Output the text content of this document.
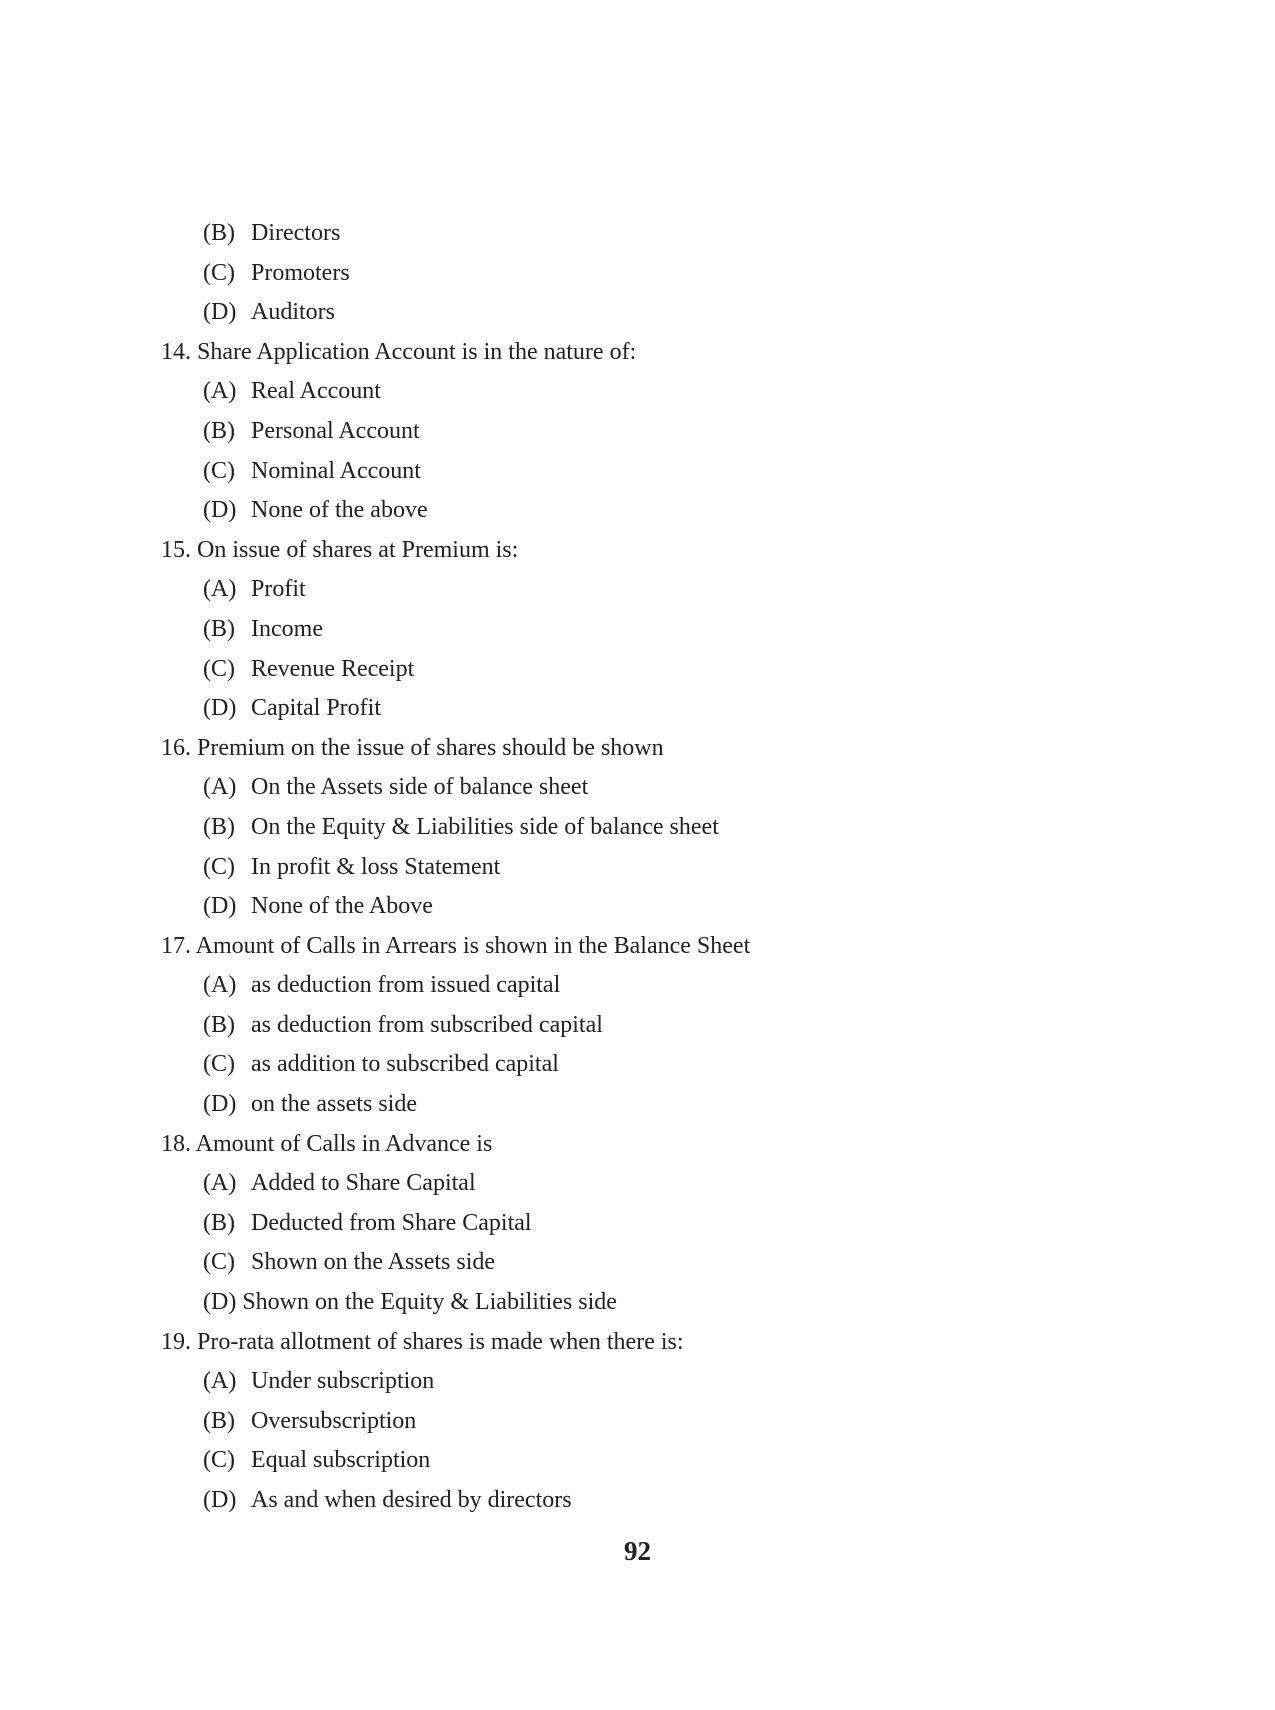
(B) Directors
(C) Promoters
(D) Auditors
14. Share Application Account is in the nature of:
(A) Real Account
(B) Personal Account
(C) Nominal Account
(D) None of the above
15. On issue of shares at Premium is:
(A) Profit
(B) Income
(C) Revenue Receipt
(D) Capital Profit
16. Premium on the issue of shares should be shown
(A) On the Assets side of balance sheet
(B) On the Equity & Liabilities side of balance sheet
(C) In profit & loss Statement
(D) None of the Above
17. Amount of Calls in Arrears is shown in the Balance Sheet
(A) as deduction from issued capital
(B) as deduction from subscribed capital
(C) as addition to subscribed capital
(D) on the assets side
18. Amount of Calls in Advance is
(A) Added to Share Capital
(B) Deducted from Share Capital
(C) Shown on the Assets side
(D) Shown on the Equity & Liabilities side
19. Pro-rata allotment of shares is made when there is:
(A) Under subscription
(B) Oversubscription
(C) Equal subscription
(D) As and when desired by directors
92
